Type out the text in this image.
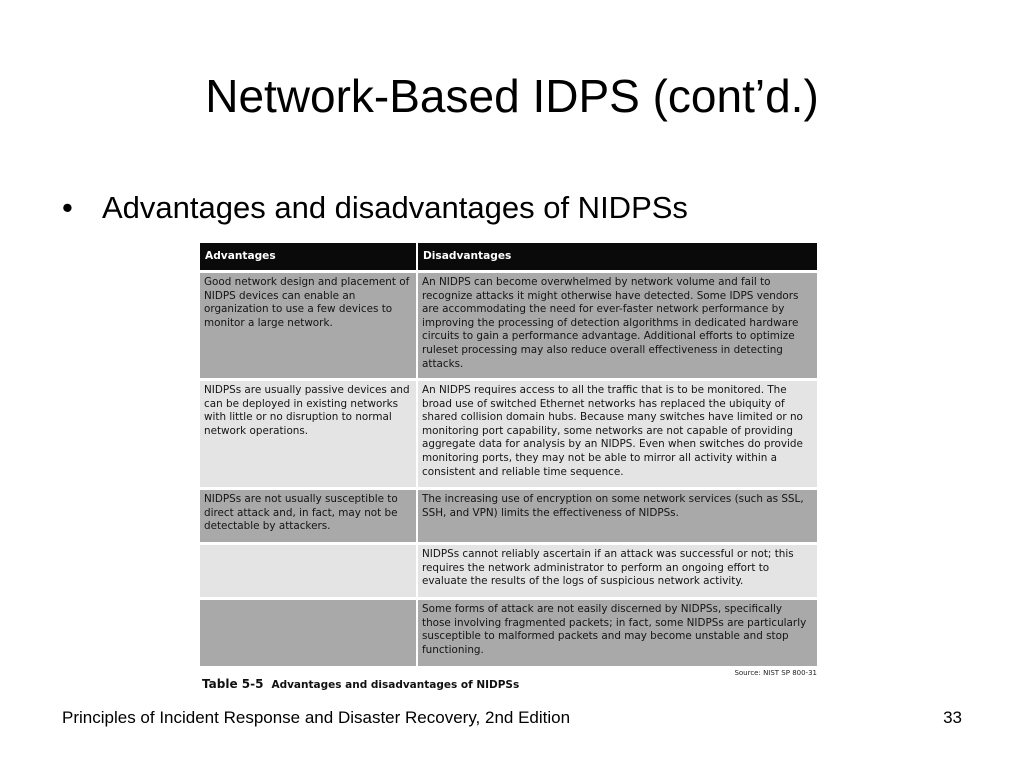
Network-Based IDPS (cont’d.)
• Advantages and disadvantages of NIDPSs
Advantages	Disadvantages
Good network design and placement of NIDPS devices can enable an organization to use a few devices to monitor a large network.	An NIDPS can become overwhelmed by network volume and fail to recognize attacks it might otherwise have detected. Some IDPS vendors are accommodating the need for ever-faster network performance by improving the processing of detection algorithms in dedicated hardware circuits to gain a performance advantage. Additional efforts to optimize ruleset processing may also reduce overall effectiveness in detecting attacks.
NIDPSs are usually passive devices and can be deployed in existing networks with little or no disruption to normal network operations.	An NIDPS requires access to all the traffic that is to be monitored. The broad use of switched Ethernet networks has replaced the ubiquity of shared collision domain hubs. Because many switches have limited or no monitoring port capability, some networks are not capable of providing aggregate data for analysis by an NIDPS. Even when switches do provide monitoring ports, they may not be able to mirror all activity within a consistent and reliable time sequence.
NIDPSs are not usually susceptible to direct attack and, in fact, may not be detectable by attackers.	The increasing use of encryption on some network services (such as SSL, SSH, and VPN) limits the effectiveness of NIDPSs.
	NIDPSs cannot reliably ascertain if an attack was successful or not; this requires the network administrator to perform an ongoing effort to evaluate the results of the logs of suspicious network activity.
	Some forms of attack are not easily discerned by NIDPSs, specifically those involving fragmented packets; in fact, some NIDPSs are particularly susceptible to malformed packets and may become unstable and stop functioning.
Source: NIST SP 800-31
Table 5-5 Advantages and disadvantages of NIDPSs
Principles of Incident Response and Disaster Recovery, 2nd Edition	33
